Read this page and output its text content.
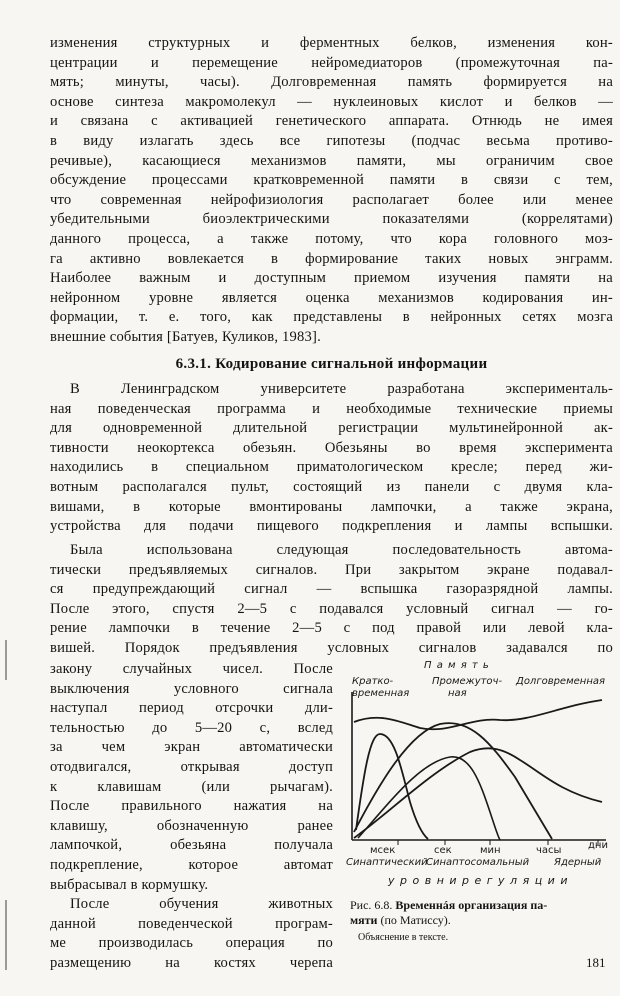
изменения структурных и ферментных белков, изменения кон-
центрации и перемещение нейромедиаторов (промежуточная па-
мять; минуты, часы). Долговременная память формируется на
основе синтеза макромолекул — нуклеиновых кислот и белков —
и связана с активацией генетического аппарата. Отнюдь не имея
в виду излагать здесь все гипотезы (подчас весьма противо-
речивые), касающиеся механизмов памяти, мы ограничим свое
обсуждение процессами кратковременной памяти в связи с тем,
что современная нейрофизиология располагает более или менее
убедительными биоэлектрическими показателями (коррелятами)
данного процесса, а также потому, что кора головного моз-
га активно вовлекается в формирование таких новых энграмм.
Наиболее важным и доступным приемом изучения памяти на
нейронном уровне является оценка механизмов кодирования ин-
формации, т. е. того, как представлены в нейронных сетях мозга
внешние события [Батуев, Куликов, 1983].
6.3.1. Кодирование сигнальной информации
В Ленинградском университете разработана эксперименталь-
ная поведенческая программа и необходимые технические приемы
для одновременной длительной регистрации мультинейронной ак-
тивности неокортекса обезьян. Обезьяны во время эксперимента
находились в специальном приматологическом кресле; перед жи-
вотным располагался пульт, состоящий из панели с двумя кла-
вишами, в которые вмонтированы лампочки, а также экрана,
устройства для подачи пищевого подкрепления и лампы вспышки.
Была использована следующая последовательность автома-
тически предъявляемых сигналов. При закрытом экране подавал-
ся предупреждающий сигнал — вспышка газоразрядной лампы.
После этого, спустя 2—5 с подавался условный сигнал — го-
рение лампочки в течение 2—5 с под правой или левой кла-
вишей. Порядок предъявления условных сигналов задавался по
закону случайных чисел. После
выключения условного сигнала
наступал период отсрочки дли-
тельностью до 5—20 с, вслед
за чем экран автоматически
отодвигался, открывая доступ
к клавишам (или рычагам).
После правильного нажатия на
клавишу, обозначенную ранее
лампочкой, обезьяна получала
подкрепление, которое автомат
выбрасывал в кормушку.
После обучения животных
данной поведенческой програм-
ме производилась операция по
размещению на костях черепа
П а м я т ь
Кратко-
временная
Промежуточ-
ная
Долговременная
мсек	сек	мин	часы	дни
Синаптический
Синаптосомальный Ядерный
у р о в н и р е г у л я ц и и
Рис. 6.8. Временнáя организация па-
мяти (по Матиссу).
Объяснение в тексте.
181
